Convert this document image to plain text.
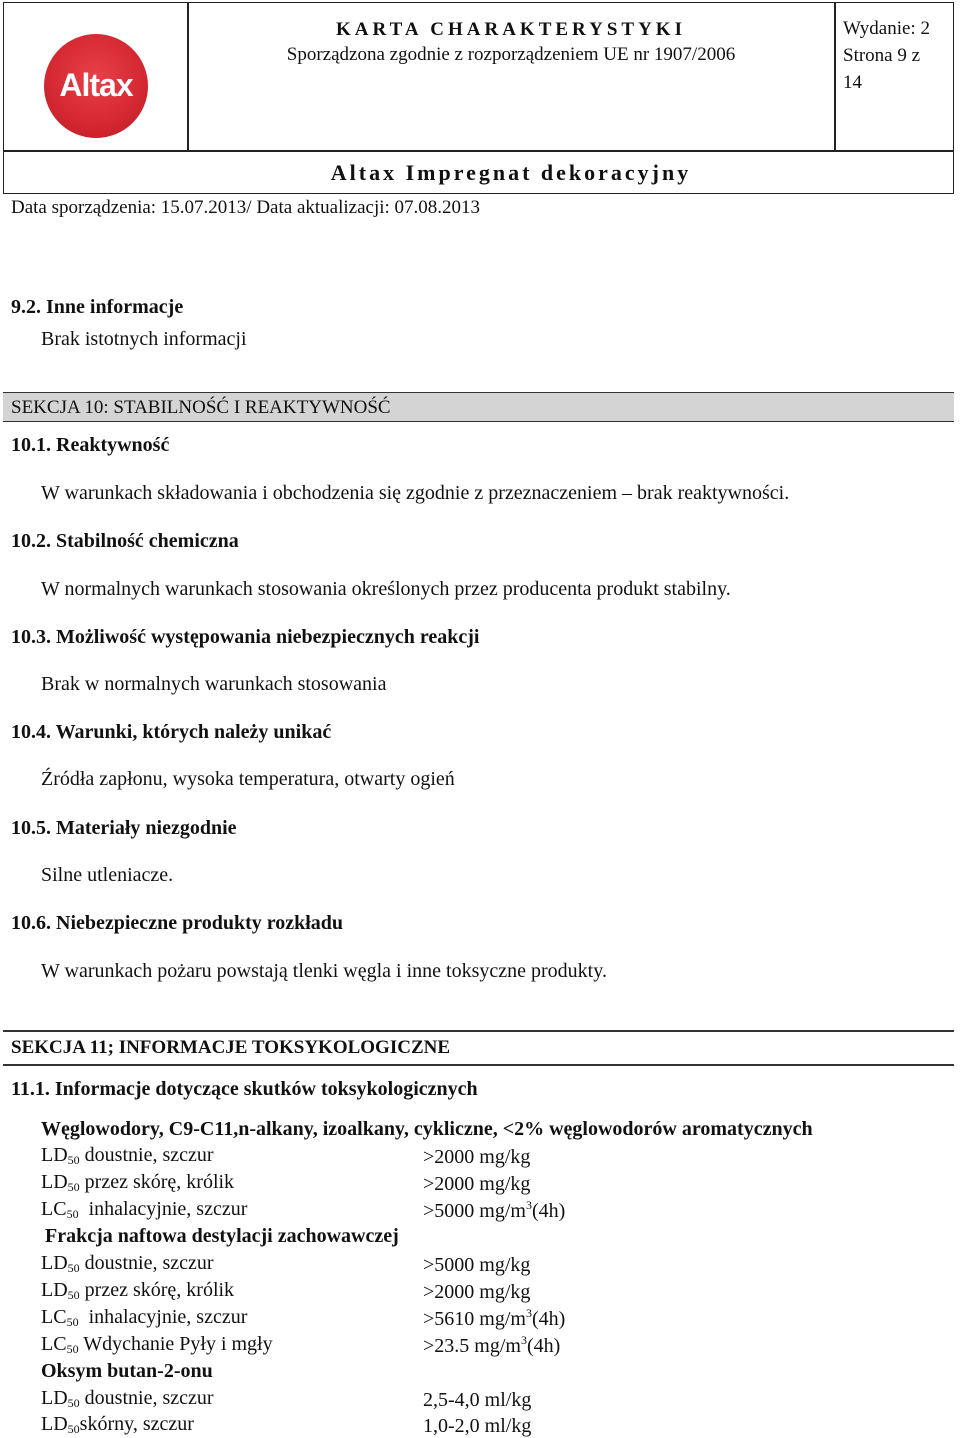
Altax
KARTA CHARAKTERYSTYKI
Sporządzona zgodnie z rozporządzeniem UE nr 1907/2006
Wydanie: 2
Strona 9 z 14
Altax Impregnat dekoracyjny
Data sporządzenia: 15.07.2013/ Data aktualizacji: 07.08.2013
9.2. Inne informacje
Brak istotnych informacji
SEKCJA 10: STABILNOŚĆ I REAKTYWNOŚĆ
10.1. Reaktywność
W warunkach składowania i obchodzenia się zgodnie z przeznaczeniem – brak reaktywności.
10.2. Stabilność chemiczna
W normalnych warunkach stosowania określonych przez producenta produkt stabilny.
10.3. Możliwość występowania niebezpiecznych reakcji
Brak w normalnych warunkach stosowania
10.4. Warunki, których należy unikać
Źródła zapłonu, wysoka temperatura, otwarty ogień
10.5. Materiały niezgodnie
Silne utleniacze.
10.6. Niebezpieczne produkty rozkładu
W warunkach pożaru powstają tlenki węgla i inne toksyczne produkty.
SEKCJA 11; INFORMACJE TOKSYKOLOGICZNE
11.1. Informacje dotyczące skutków toksykologicznych
Węglowodory, C9-C11,n-alkany, izoalkany, cykliczne, <2% węglowodorów aromatycznych
$LD_{50}$ doustnie, szczur	>2000 mg/kg
$LD_{50}$ przez skórę, królik	>2000 mg/kg
$LC_{50}$  inhalacyjnie, szczur	>5000 $mg/m^3(4h)$
Frakcja naftowa destylacji zachowawczej
$LD_{50}$ doustnie, szczur	>5000 mg/kg
$LD_{50}$ przez skórę, królik	>2000 mg/kg
$LC_{50}$  inhalacyjnie, szczur	>5610 $mg/m^3(4h)$
$LC_{50}$ Wdychanie Pyły i mgły	>23.5 $mg/m^3(4h)$
Oksym butan-2-onu
$LD_{50}$ doustnie, szczur	2,5-4,0 ml/kg
$LD_{50}skórny$, szczur	1,0-2,0 ml/kg
